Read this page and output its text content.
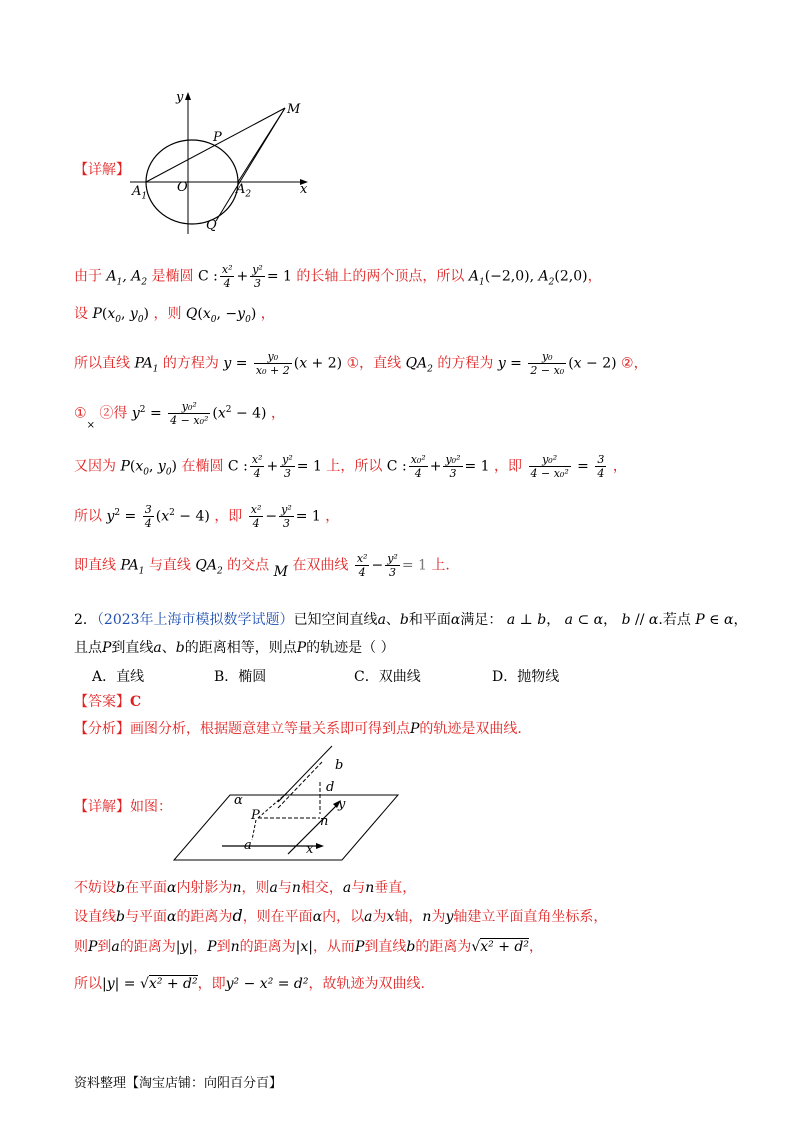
y
M
P
O
$A_1$	$A_2$	x
Q
【详解】
由于 $A_1$, $A_2$ 是椭圆 C : $\frac{\text{x²}}{4} + \frac{\text{y²}}{3} = 1$ 的长轴上的两个顶点，所以 $A_1(-2,0)$, $A_2(2,0)$，
设 $P(x_0$, $y_0$) ，则 $Q(x_0$, $-y_0$) ，
所以直线 $PA_1$ 的方程为 $y = \frac{\text{y₀}}{\text{x₀ + 2}} (x + 2)$ ①，直线 $QA_2$ 的方程为 $y = \frac{\text{y₀}}{\text{2 − x₀}} (x - 2)$ ②，
$①_\times$ ②得 $y^2 = \frac{\text{y₀²}}{\text{4 − x₀²}} (x^2 - 4)$ ，
又因为 $P(x_0$, $y_0$) 在椭圆 C : $\frac{\text{x²}}{4} + \frac{\text{y²}}{3} = 1$ 上，所以 C : $\frac{\text{x₀²}}{4} + \frac{\text{y₀²}}{3} = 1$ ，即 $\frac{\text{y₀²}}{\text{4 − x₀²}} = \frac{3}{4}$ ，
所以 $y^2 = \frac{3}{4} (x^2 - 4)$ ，即 $\frac{\text{x²}}{4} - \frac{\text{y²}}{3} = 1$ ，
即直线 $PA_1$ 与直线 $QA_2$ 的交点 M 在双曲线 $\frac{\text{x²}}{4} - \frac{\text{y²}}{3} = 1$ 上.
2．（2023年上海市模拟数学试题）已知空间直线a、b和平面α满足： a ⊥ b， a ⊂ α， b // α.若点 P ∈ α，
且点P到直线a、b的距离相等，则点P的轨迹是（ ）
A．直线	B．椭圆	C．双曲线	D．抛物线
【答案】C
【分析】画图分析，根据题意建立等量关系即可得到点P的轨迹是双曲线.
【详解】如图：
b
d
α	y
P	n
a	x
不妨设b在平面α内射影为n，则a与n相交，a与n垂直，
设直线b与平面α的距离为d，则在平面α内，以a为x轴，n为y轴建立平面直角坐标系，
则P到a的距离为|y|，P到n的距离为|x|，从而P到直线b的距离为√x² + d²，
所以|y| = √x² + d²，即y² − x² = d²，故轨迹为双曲线.
资料整理【淘宝店铺：向阳百分百】
